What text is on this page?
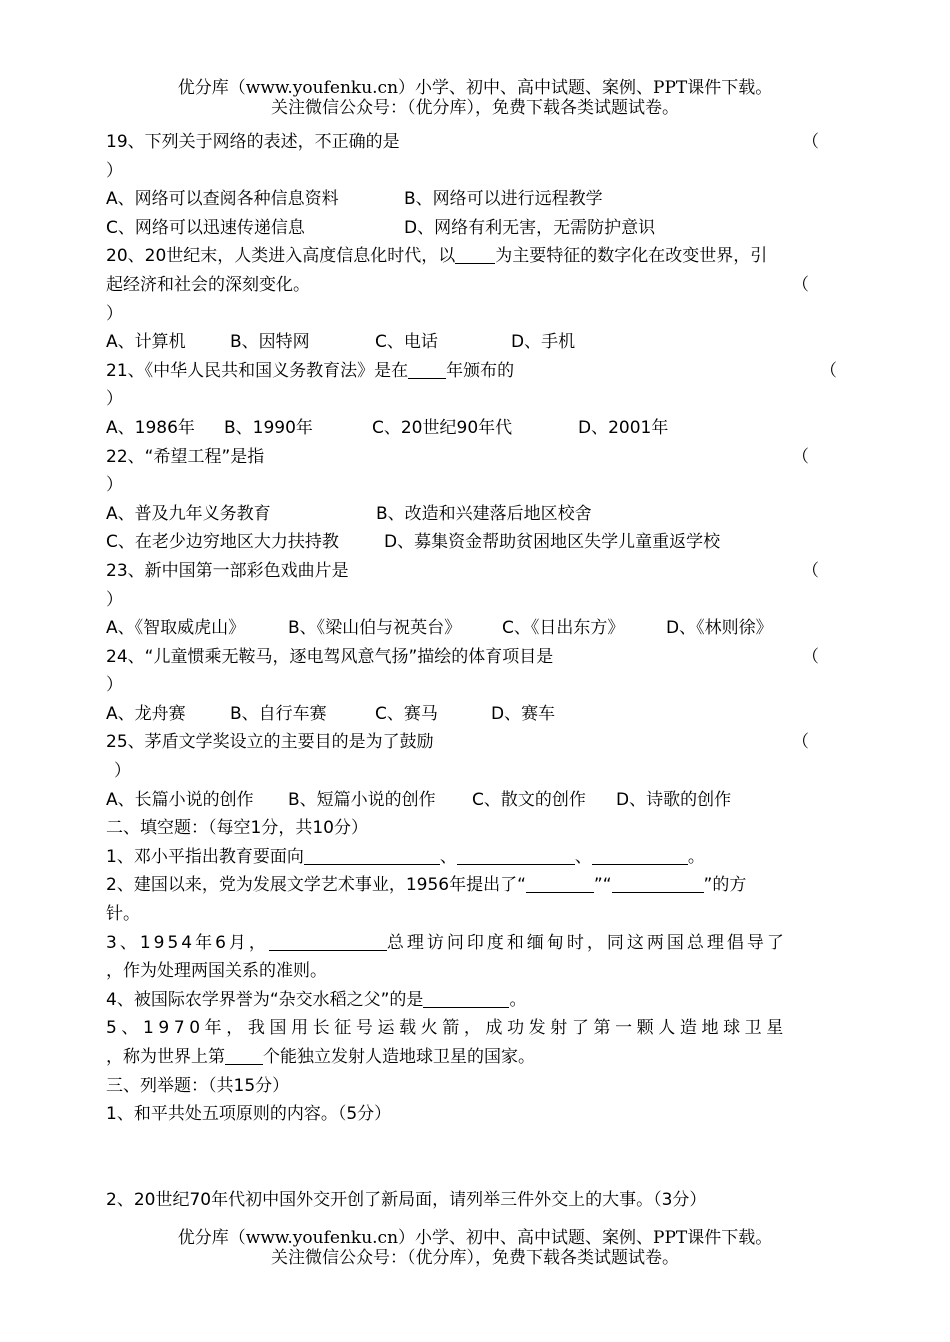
优分库（www.youfenku.cn）小学、初中、高中试题、案例、PPT课件下载。
关注微信公众号：（优分库），免费下载各类试题试卷。
19、下列关于网络的表述，不正确的是	（
）
A、网络可以查阅各种信息资料	B、网络可以进行远程教学
C、网络可以迅速传递信息	D、网络有利无害，无需防护意识
20、20世纪末，人类进入高度信息化时代，以 为主要特征的数字化在改变世界，引
起经济和社会的深刻变化。	（
）
A、计算机	B、因特网	C、电话	D、手机
21、《中华人民共和国义务教育法》是在 年颁布的	（
）
A、1986年	B、1990年	C、20世纪90年代	D、2001年
22、“希望工程”是指	（
）
A、普及九年义务教育	B、改造和兴建落后地区校舍
C、在老少边穷地区大力扶持教	D、募集资金帮助贫困地区失学儿童重返学校
23、新中国第一部彩色戏曲片是	（
）
A、《智取威虎山》	B、《梁山伯与祝英台》	C、《日出东方》	D、《林则徐》
24、“儿童惯乘无鞍马，逐电驾风意气扬”描绘的体育项目是	（
）
A、龙舟赛	B、自行车赛	C、赛马	D、赛车
25、茅盾文学奖设立的主要目的是为了鼓励	（
）
A、长篇小说的创作	B、短篇小说的创作	C、散文的创作	D、诗歌的创作
二、填空题：（每空1分，共10分）
1、邓小平指出教育要面向	、	、	。
2、建国以来，党为发展文学艺术事业，1956年提出了“	”“	”的方
针。
3、1954年6月，	总理访问印度和缅甸时，同这两国总理倡导了
，作为处理两国关系的准则。
4、被国际农学界誉为“杂交水稻之父”的是	。
5、1970年，我国用长征号运载火箭，成功发射了第一颗人造地球卫星
，称为世界上第 个能独立发射人造地球卫星的国家。
三、列举题：（共15分）
1、和平共处五项原则的内容。（5分）
2、20世纪70年代初中国外交开创了新局面，请列举三件外交上的大事。（3分）
优分库（www.youfenku.cn）小学、初中、高中试题、案例、PPT课件下载。
关注微信公众号：（优分库），免费下载各类试题试卷。
